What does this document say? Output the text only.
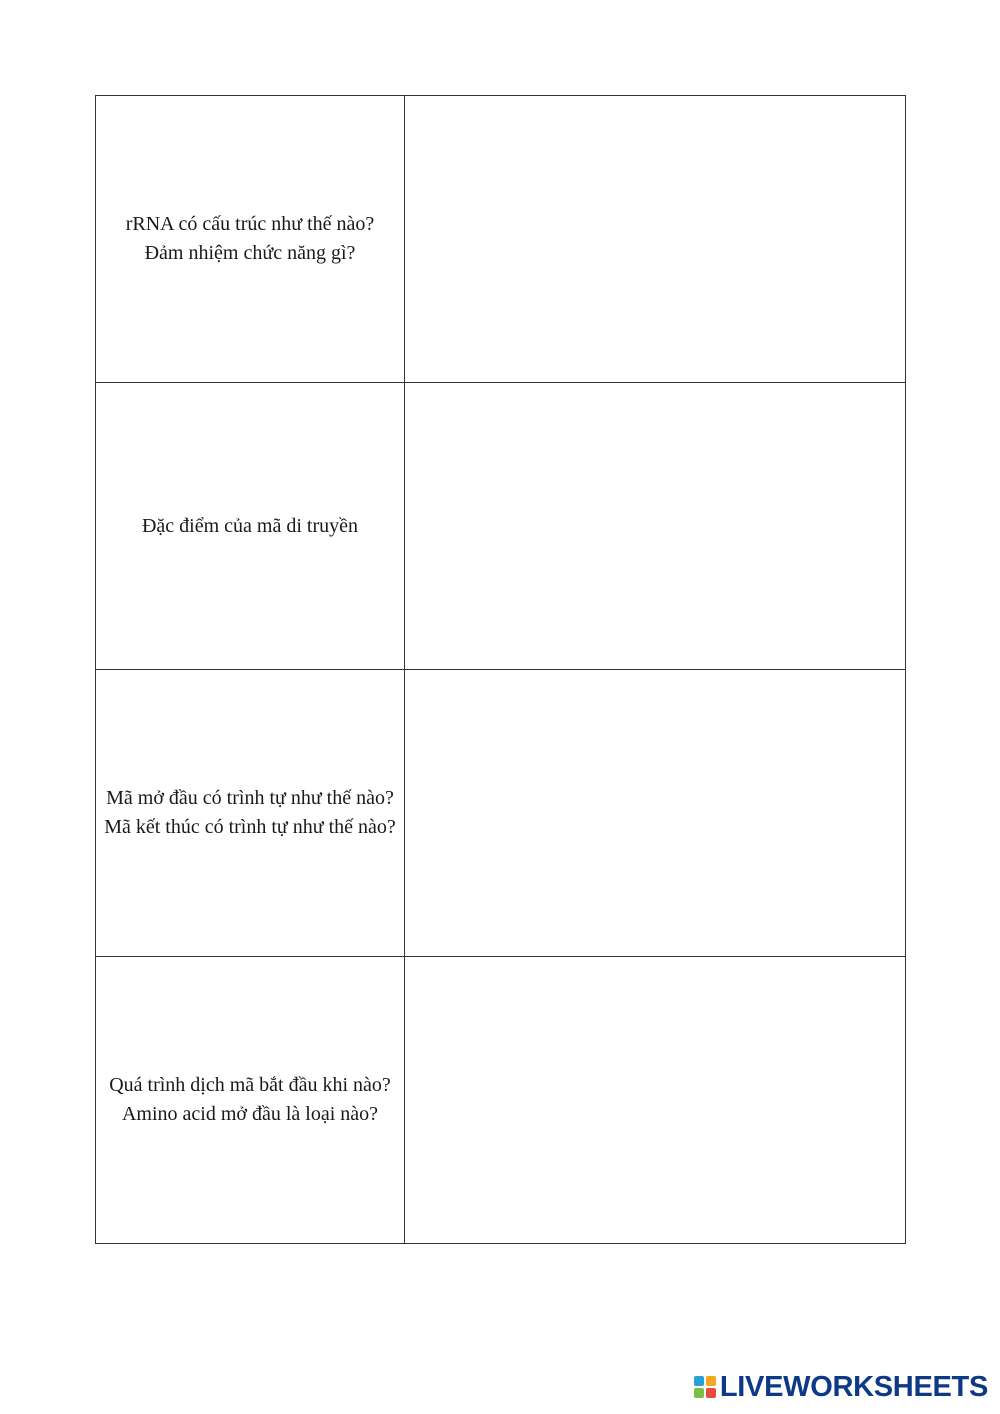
rRNA có cấu trúc như thế nào? Đảm nhiệm chức năng gì?	

Đặc điểm của mã di truyền	

Mã mở đầu có trình tự như thế nào? Mã kết thúc có trình tự như thế nào?	

Quá trình dịch mã bắt đầu khi nào? Amino acid mở đầu là loại nào?	

LIVEWORKSHEETS
